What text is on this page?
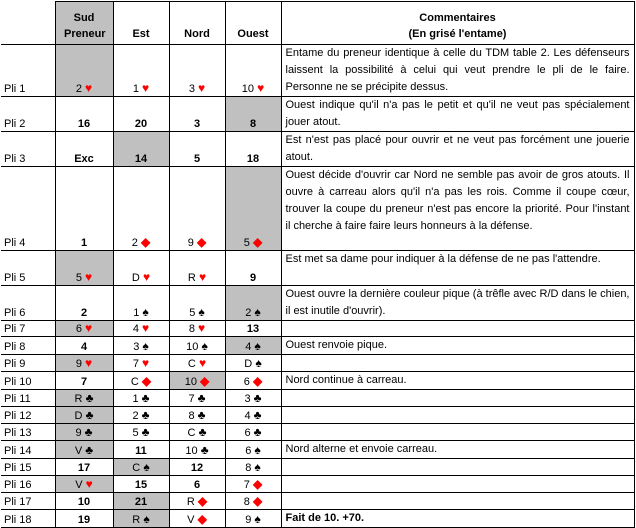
	Sud Preneur	Est	Nord	Ouest	Commentaires
(En grisé l'entame)

Pli 1	2 ♥	1 ♥	3 ♥	10 ♥	Entame du preneur identique à celle du TDM table 2. Les défenseurs laissent la possibilité à celui qui veut prendre le pli de le faire. Personne ne se précipite dessus.
Pli 2	16	20	3	8	Ouest indique qu'il n'a pas le petit et qu'il ne veut pas spécialement jouer atout.
Pli 3	Exc	14	5	18	Est n'est pas placé pour ouvrir et ne veut pas forcément une jouerie atout.
Pli 4	1	2 ◆	9 ◆	5 ◆	Ouest décide d'ouvrir car Nord ne semble pas avoir de gros atouts. Il ouvre à carreau alors qu'il n'a pas les rois. Comme il coupe cœur, trouver la coupe du preneur n'est pas encore la priorité. Pour l'instant il cherche à faire faire leurs honneurs à la défense.
Pli 5	5 ♥	D ♥	R ♥	9	Est met sa dame pour indiquer à la défense de ne pas l'attendre.
Pli 6	2	1 ♠	5 ♠	2 ♠	Ouest ouvre la dernière couleur pique (à trêfle avec R/D dans le chien, il est inutile d'ouvrir).
Pli 7	6 ♥	4 ♥	8 ♥	13	
Pli 8	4	3 ♠	10 ♠	4 ♠	Ouest renvoie pique.
Pli 9	9 ♥	7 ♥	C ♥	D ♠	
Pli 10	7	C ◆	10 ◆	6 ◆	Nord continue à carreau.
Pli 11	R ♣	1 ♣	7 ♣	3 ♣	
Pli 12	D ♣	2 ♣	8 ♣	4 ♣	
Pli 13	9 ♣	5 ♣	C ♣	6 ♣	
Pli 14	V ♣	11	10 ♣	6 ♠	Nord alterne et envoie carreau.
Pli 15	17	C ♠	12	8 ♠	
Pli 16	V ♥	15	6	7 ◆	
Pli 17	10	21	R ◆	8 ◆	
Pli 18	19	R ♠	V ◆	9 ♠	Fait de 10. +70.
